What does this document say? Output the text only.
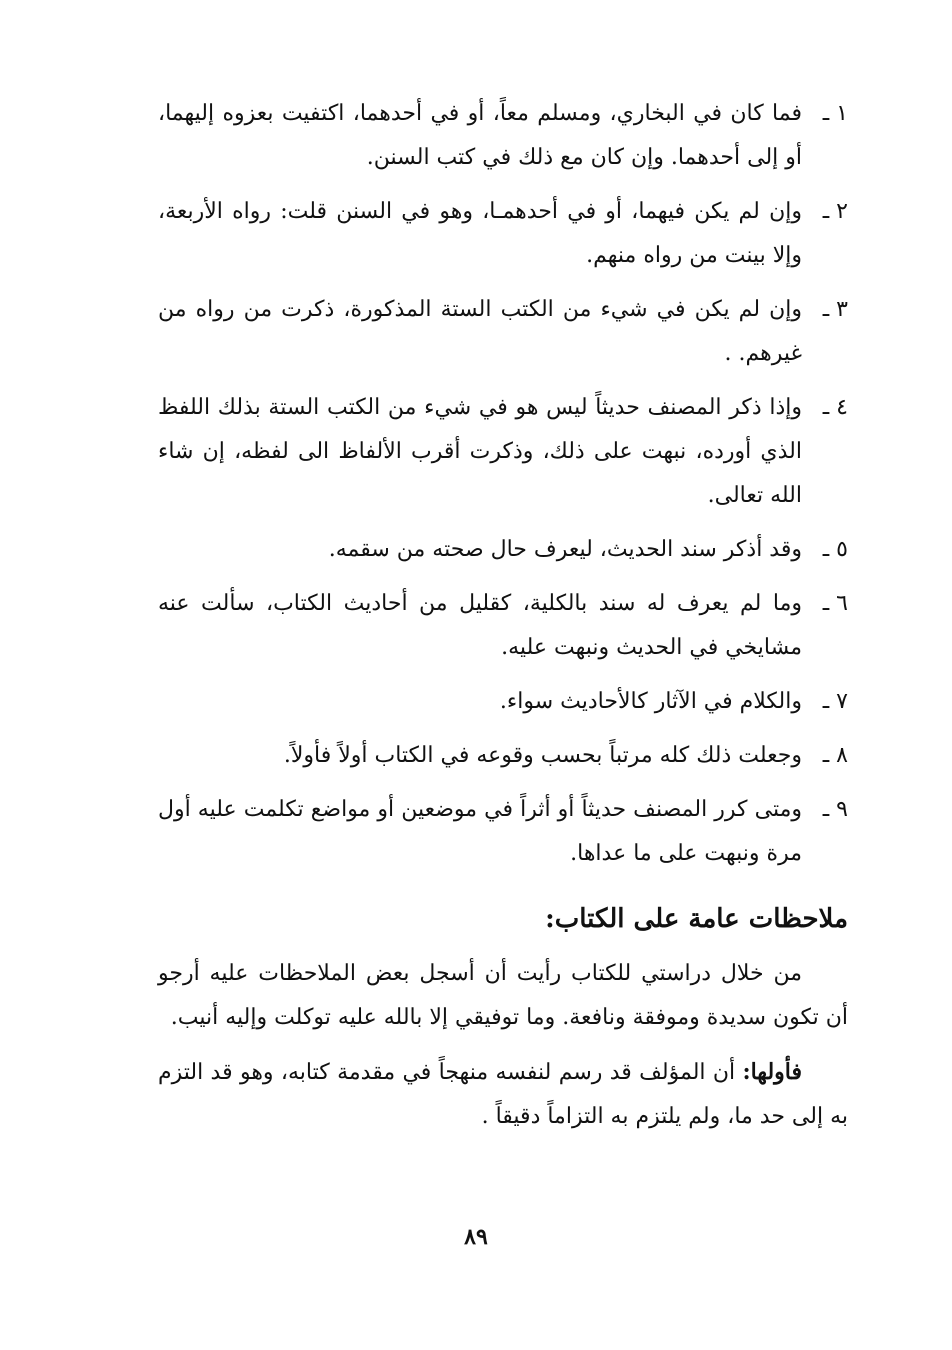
١ ـ
فما كان في البخاري، ومسلم معاً، أو في أحدهما، اكتفيت بعزوه إليهما، أو إلى أحدهما. وإن كان مع ذلك في كتب السنن.
٢ ـ
وإن لم يكن فيهما، أو في أحدهمـا، وهو في السنن قلت: رواه الأربعة، وإلا بينت من رواه منهم.
٣ ـ
وإن لم يكن في شيء من الكتب الستة المذكورة، ذكرت من رواه من غيرهم. .
٤ ـ
وإذا ذكر المصنف حديثاً ليس هو في شيء من الكتب الستة بذلك اللفظ الذي أورده، نبهت على ذلك، وذكرت أقرب الألفاظ الى لفظه، إن شاء الله تعالى.
٥ ـ
وقد أذكر سند الحديث، ليعرف حال صحته من سقمه.
٦ ـ
وما لم يعرف له سند بالكلية، كقليل من أحاديث الكتاب، سألت عنه مشايخي في الحديث ونبهت عليه.
٧ ـ
والكلام في الآثار كالأحاديث سواء.
٨ ـ
وجعلت ذلك كله مرتباً بحسب وقوعه في الكتاب أولاً فأولاً.
٩ ـ
ومتى كرر المصنف حديثاً أو أثراً في موضعين أو مواضع تكلمت عليه أول مرة ونبهت على ما عداها.
ملاحظات عامة على الكتاب:

من خلال دراستي للكتاب رأيت أن أسجل بعض الملاحظات عليه أرجو أن تكون سديدة وموفقة ونافعة. وما توفيقي إلا بالله عليه توكلت وإليه أنيب.

فأولها: أن المؤلف قد رسم لنفسه منهجاً في مقدمة كتابه، وهو قد التزم به إلى حد ما، ولم يلتزم به التزاماً دقيقاً .

٨٩
